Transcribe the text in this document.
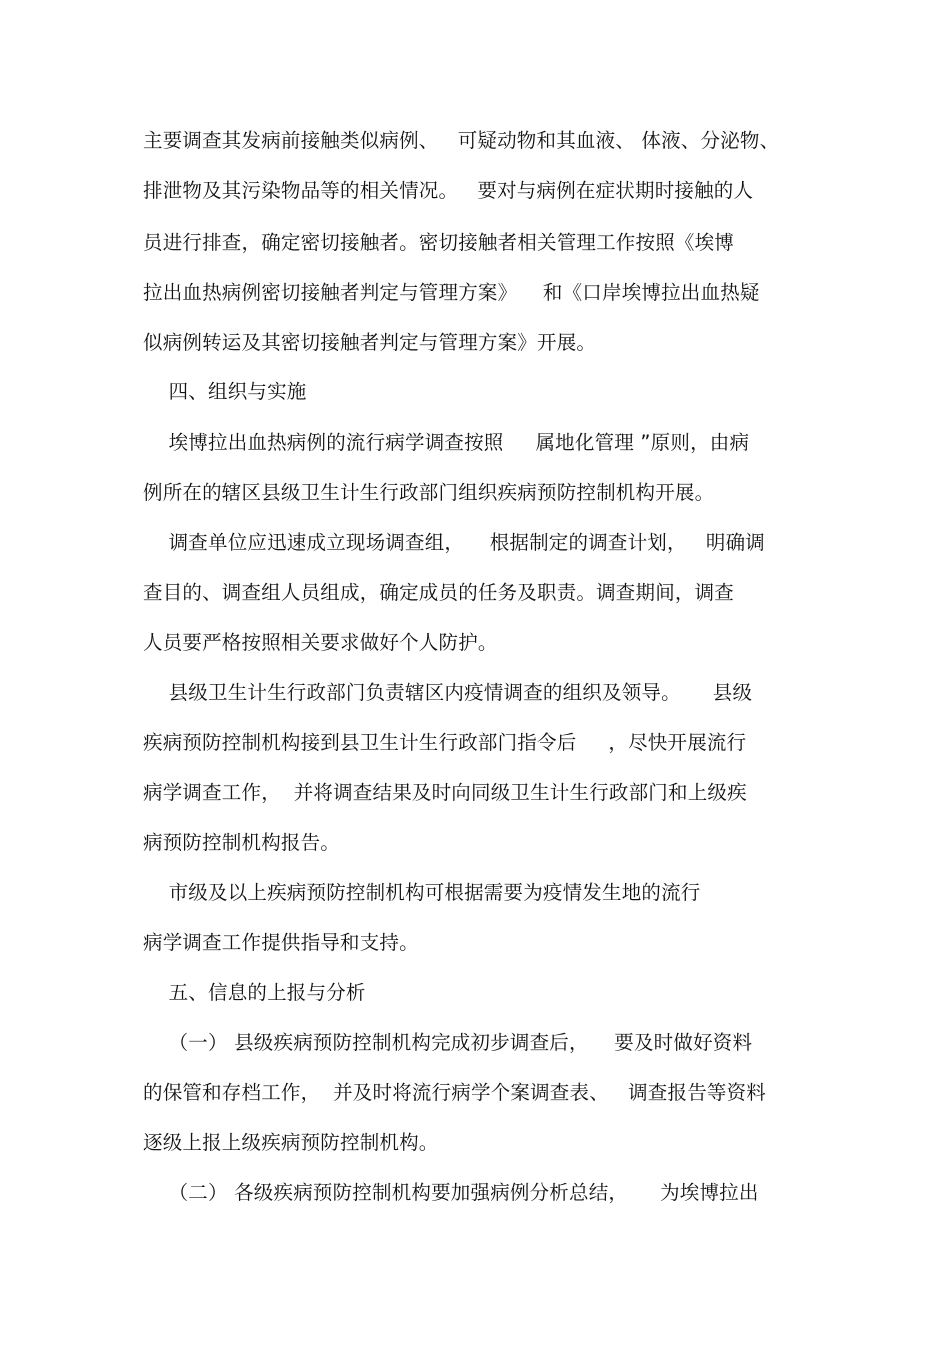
主要调查其发病前接触类似病例、   可疑动物和其血液、 体液、分泌物、
排泄物及其污染物品等的相关情况。   要对与病例在症状期时接触的人
员进行排查，确定密切接触者。密切接触者相关管理工作按照《埃博
拉出血热病例密切接触者判定与管理方案》    和《口岸埃博拉出血热疑
似病例转运及其密切接触者判定与管理方案》开展。
四、组织与实施
埃博拉出血热病例的流行病学调查按照     属地化管理 ”原则，由病
例所在的辖区县级卫生计生行政部门组织疾病预防控制机构开展。
调查单位应迅速成立现场调查组，    根据制定的调查计划，   明确调
查目的、调查组人员组成，确定成员的任务及职责。调查期间，调查
人员要严格按照相关要求做好个人防护。
县级卫生计生行政部门负责辖区内疫情调查的组织及领导。     县级
疾病预防控制机构接到县卫生计生行政部门指令后     ，尽快开展流行
病学调查工作，  并将调查结果及时向同级卫生计生行政部门和上级疾
病预防控制机构报告。
市级及以上疾病预防控制机构可根据需要为疫情发生地的流行
病学调查工作提供指导和支持。
五、信息的上报与分析
（一） 县级疾病预防控制机构完成初步调查后，    要及时做好资料
的保管和存档工作，  并及时将流行病学个案调查表、   调查报告等资料
逐级上报上级疾病预防控制机构。
（二） 各级疾病预防控制机构要加强病例分析总结，     为埃博拉出
